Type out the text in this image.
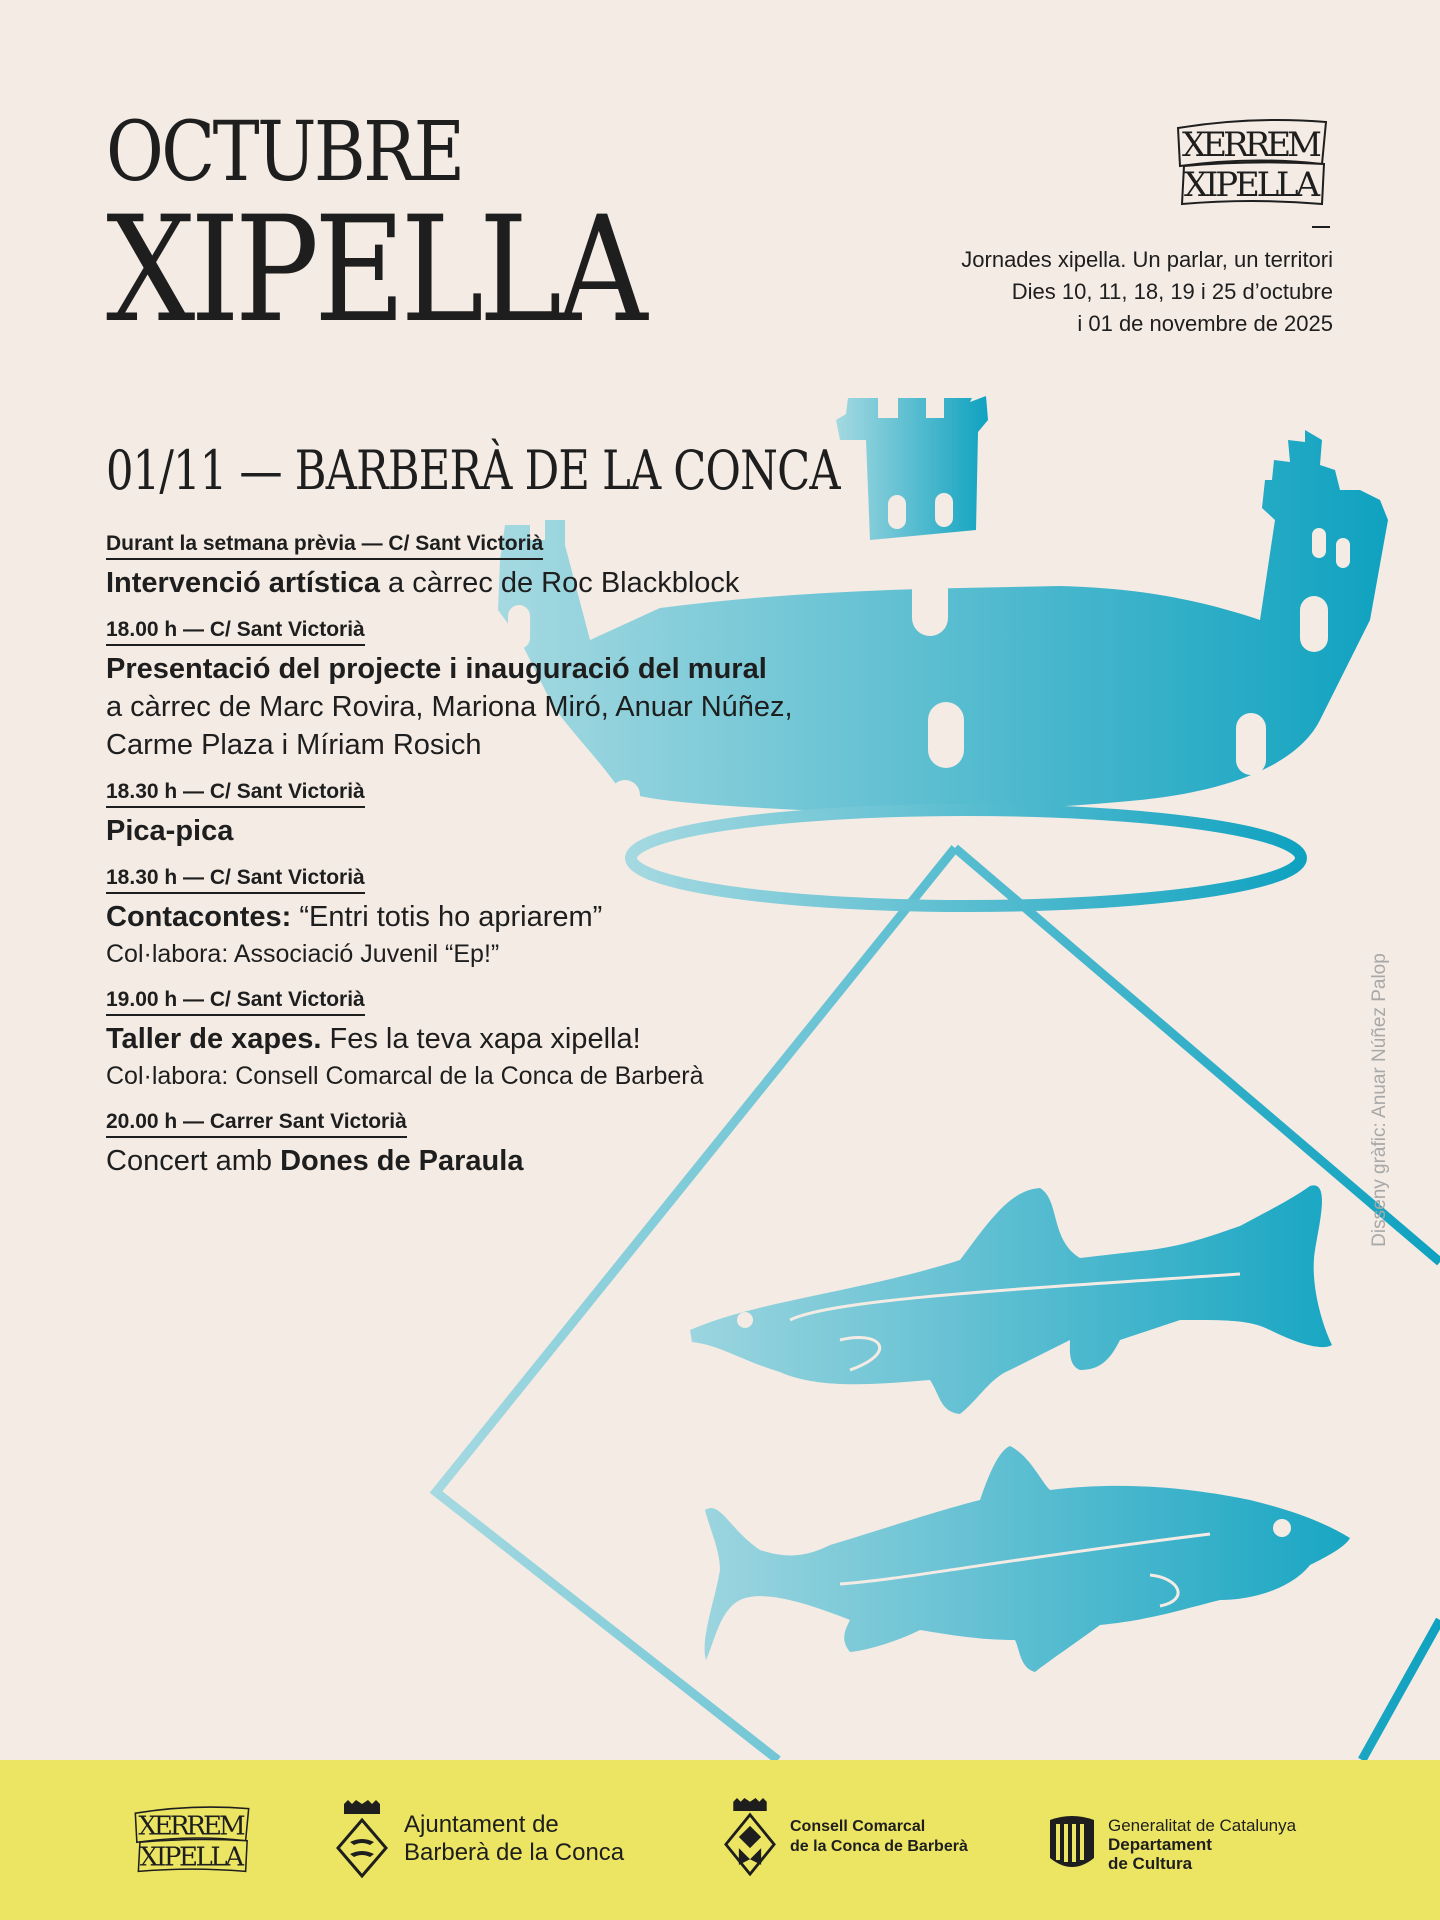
OCTUBRE
XIPELLA
XERREM
XIPELLA
Jornades xipella. Un parlar, un territori
Dies 10, 11, 18, 19 i 25 d’octubre
i 01 de novembre de 2025
01/11 — BARBERÀ DE LA CONCA
Durant la setmana prèvia — C/ Sant Victorià
Intervenció artística a càrrec de Roc Blackblock
18.00 h — C/ Sant Victorià
Presentació del projecte i inauguració del mural
a càrrec de Marc Rovira, Mariona Miró, Anuar Núñez,
Carme Plaza i Míriam Rosich
18.30 h — C/ Sant Victorià
Pica-pica
18.30 h — C/ Sant Victorià
Contacontes: “Entri totis ho apriarem”
Col·labora: Associació Juvenil “Ep!”
19.00 h — C/ Sant Victorià
Taller de xapes. Fes la teva xapa xipella!
Col·labora: Consell Comarcal de la Conca de Barberà
20.00 h — Carrer Sant Victorià
Concert amb Dones de Paraula	Disseny gràfic: Anuar Núñez Palop
XERREM
XIPELLA
Ajuntament de
Barberà de la Conca
Consell Comarcal
de la Conca de Barberà
Generalitat de Catalunya
Departament
de Cultura
